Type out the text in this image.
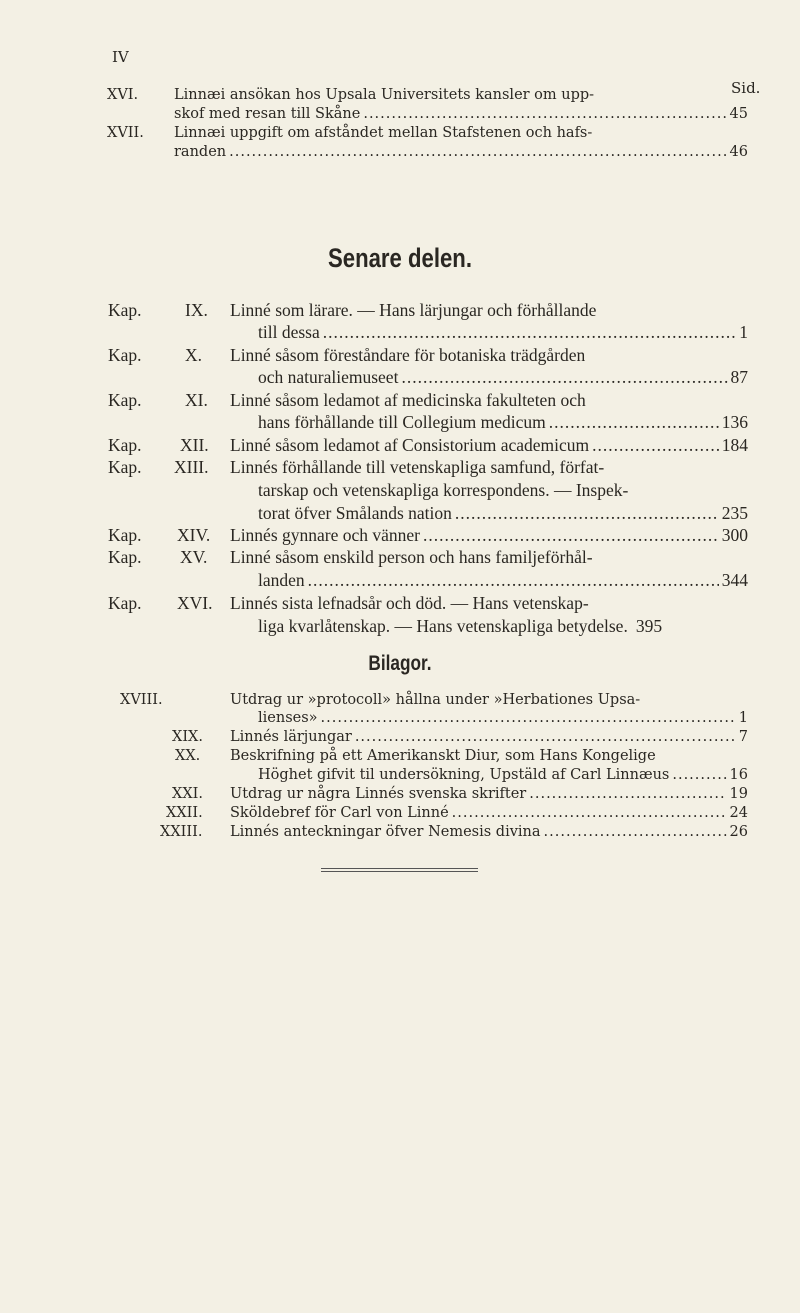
IV
Sid.
XVI. Linnæi ansökan hos Upsala Universitets kansler om upp-
skof med resan till Skåne .....	45
XVII. Linnæi uppgift om afståndet mellan Stafstenen och hafs-
randen .....	46
Senare delen.
Kap. IX. Linné som lärare. — Hans lärjungar och förhållande
till dessa .....	1
Kap. X. Linné såsom föreståndare för botaniska trädgården
och naturaliemuseet .....	87
Kap. XI. Linné såsom ledamot af medicinska fakulteten och
hans förhållande till Collegium medicum .....	136
Kap. XII. Linné såsom ledamot af Consistorium academicum .....	184
Kap. XIII. Linnés förhållande till vetenskapliga samfund, förfat-
tarskap och vetenskapliga korrespondens. — Inspek-
torat öfver Smålands nation .....	235
Kap. XIV. Linnés gynnare och vänner .....	300
Kap. XV. Linné såsom enskild person och hans familjeförhål-
landen .....	344
Kap. XVI. Linnés sista lefnadsår och död. — Hans vetenskap-
liga kvarlåtenskap. — Hans vetenskapliga betydelse. 395
Bilagor.
XVIII.	Utdrag ur »protocoll» hållna under »Herbationes Upsa-
lienses» .....	1
XIX. Linnés lärjungar .....	7
XX. Beskrifning på ett Amerikanskt Diur, som Hans Kongelige
Höghet gifvit til undersökning, Upstäld af Carl Linnæus .....	16
XXI. Utdrag ur några Linnés svenska skrifter .....	19
XXII. Sköldebref för Carl von Linné .....	24
XXIII. Linnés anteckningar öfver Nemesis divina .....	26
